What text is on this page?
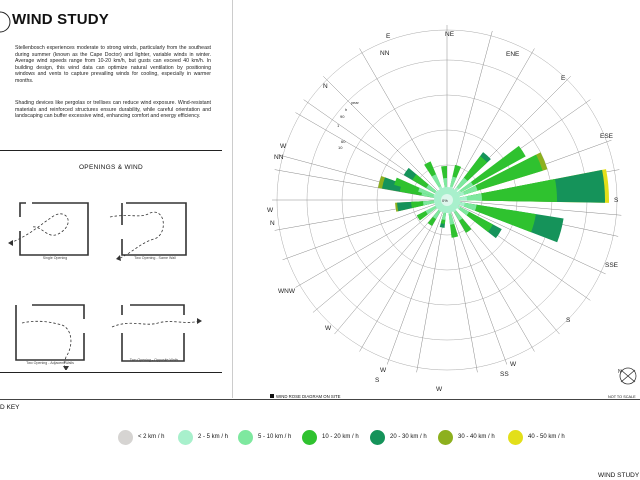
WIND STUDY
Stellenbosch experiences moderate to strong winds, particularly from the southeast during summer (known as the Cape Doctor) and lighter, variable winds in winter. Average wind speeds range from 10-20 km/h, but gusts can exceed 40 km/h. In building design, this wind data can optimize natural ventilation by positioning windows and vents to capture prevailing winds for cooling, especially in warmer months.
Shading devices like pergolas or trellises can reduce wind exposure. Wind-resistant materials and reinforced structures ensure durability, while careful orientation and landscaping can buffer excessive wind, enhancing comfort and energy efficiency.
OPENINGS & WIND
Single Opening	Two Opening - Same Wall
Two Opening - Adjacent Walls
Two Opening - Opposite Walls
0%
year
h
90
1
60
10
NE
ENE
E
ESE
S
SSE
S
W
SS
W
W
S
W
WNW
W
N
W
NN
N
NN
E
WIND ROSE DIAGRAM ON SITE
N
NOT TO SCALE
D KEY
< 2 km / h	2 - 5 km / h	5 - 10 km / h	10 - 20 km / h	20 - 30 km / h	30 - 40 km / h	40 - 50 km / h
WIND STUDY
